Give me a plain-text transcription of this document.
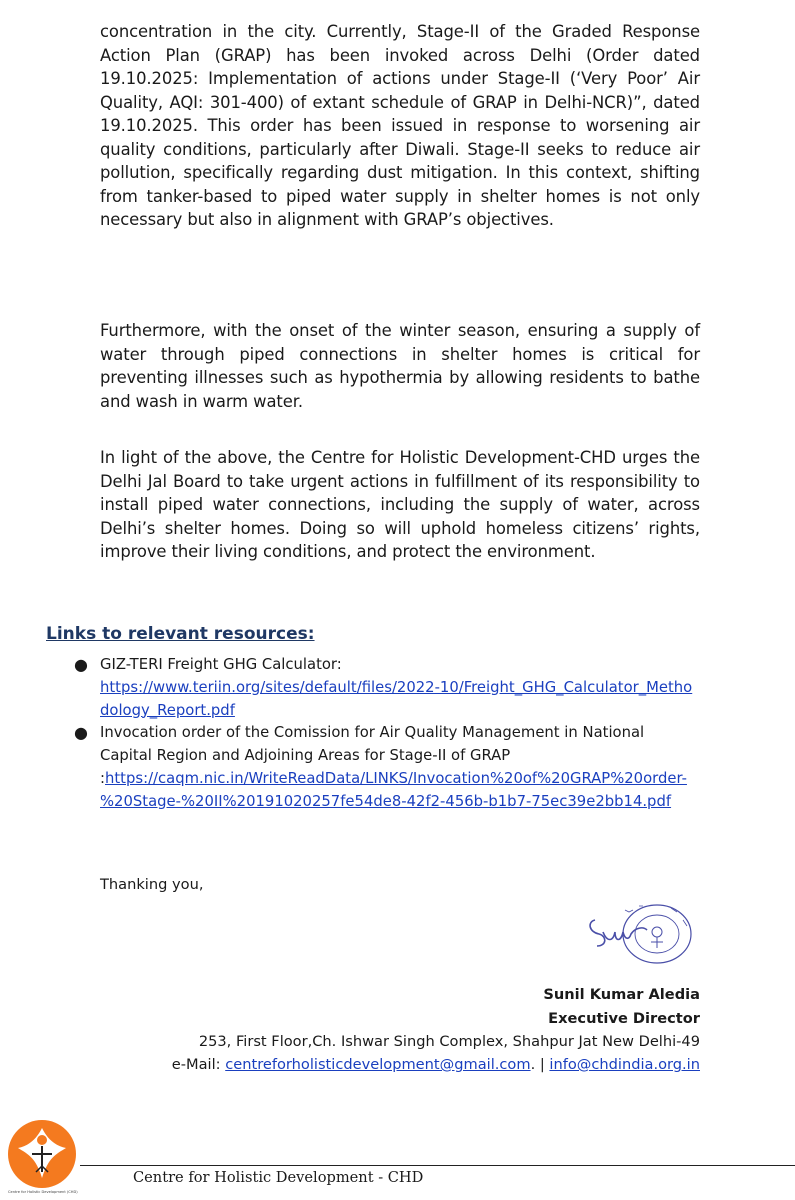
concentration in the city. Currently, Stage-II of the Graded Response Action Plan (GRAP) has been invoked across Delhi (Order dated 19.10.2025: Implementation of actions under Stage-II (‘Very Poor’ Air Quality, AQI: 301-400) of extant schedule of GRAP in Delhi-NCR)”, dated 19.10.2025. This order has been issued in response to worsening air quality conditions, particularly after Diwali. Stage-II seeks to reduce air pollution, specifically regarding dust mitigation. In this context, shifting from tanker-based to piped water supply in shelter homes is not only necessary but also in alignment with GRAP’s objectives.

Furthermore, with the onset of the winter season, ensuring a supply of water through piped connections in shelter homes is critical for preventing illnesses such as hypothermia by allowing residents to bathe and wash in warm water.

In light of the above, the Centre for Holistic Development-CHD urges the Delhi Jal Board to take urgent actions in fulfillment of its responsibility to install piped water connections, including the supply of water, across Delhi’s shelter homes. Doing so will uphold homeless citizens’ rights, improve their living conditions, and protect the environment.

Links to relevant resources:

● GIZ-TERI Freight GHG Calculator:
https://www.teriin.org/sites/default/files/2022-10/Freight_GHG_Calculator_Methodology_Report.pdf
● Invocation order of the Comission for Air Quality Management in National Capital Region and Adjoining Areas for Stage-II of GRAP
:https://caqm.nic.in/WriteReadData/LINKS/Invocation%20of%20GRAP%20order-%20Stage-%20II%20191020257fe54de8-42f2-456b-b1b7-75ec39e2bb14.pdf

Thanking you,

Sunil Kumar Aledia

Executive Director

253, First Floor,Ch. Ishwar Singh Complex, Shahpur Jat New Delhi-49

e-Mail: centreforholisticdevelopment@gmail.com. | info@chdindia.org.in

Centre for Holistic Development (CHD)

Centre for Holistic Development - CHD
